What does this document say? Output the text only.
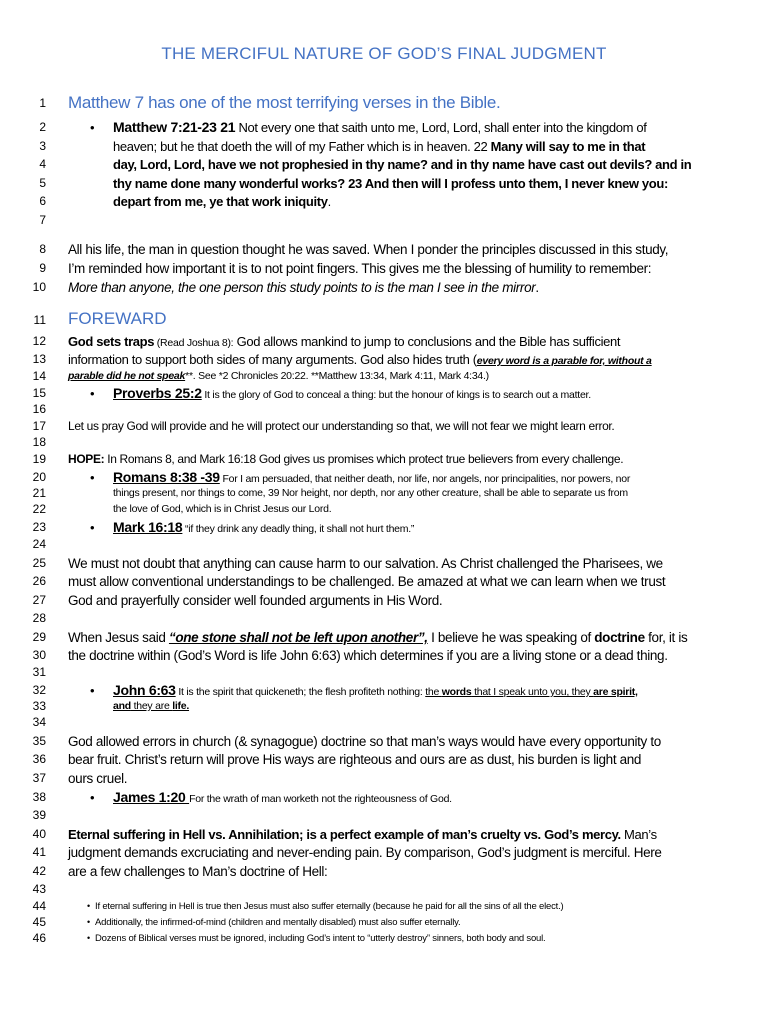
THE MERCIFUL NATURE OF GOD’S FINAL JUDGMENT
1
2
3
4
5
6
7
8
9
10
11
12
13
14
15
16
17
18
19
20
21
22
23
24
25
26
27
28
29
30
31
32
33
34
35
36
37
38
39
40
41
42
43
44
45
46
Matthew 7 has one of the most terrifying verses in the Bible.
• Matthew 7:21-23 21 Not every one that saith unto me, Lord, Lord, shall enter into the kingdom of
heaven; but he that doeth the will of my Father which is in heaven. 22 Many will say to me in that
day, Lord, Lord, have we not prophesied in thy name? and in thy name have cast out devils? and in
thy name done many wonderful works? 23 And then will I profess unto them, I never knew you:
depart from me, ye that work iniquity.
All his life, the man in question thought he was saved. When I ponder the principles discussed in this study,
I’m reminded how important it is to not point fingers. This gives me the blessing of humility to remember:
More than anyone, the one person this study points to is the man I see in the mirror.
FOREWARD
God sets traps (Read Joshua 8): God allows mankind to jump to conclusions and the Bible has sufficient
information to support both sides of many arguments. God also hides truth (every word is a parable for, without a
parable did he not speak**. See *2 Chronicles 20:22. **Matthew 13:34, Mark 4:11, Mark 4:34.)
• Proverbs 25:2 It is the glory of God to conceal a thing: but the honour of kings is to search out a matter.
Let us pray God will provide and he will protect our understanding so that, we will not fear we might learn error.
HOPE: In Romans 8, and Mark 16:18 God gives us promises which protect true believers from every challenge.
• Romans 8:38 -39 For I am persuaded, that neither death, nor life, nor angels, nor principalities, nor powers, nor
things present, nor things to come, 39 Nor height, nor depth, nor any other creature, shall be able to separate us from
the love of God, which is in Christ Jesus our Lord.
• Mark 16:18 “if they drink any deadly thing, it shall not hurt them.”
We must not doubt that anything can cause harm to our salvation. As Christ challenged the Pharisees, we
must allow conventional understandings to be challenged. Be amazed at what we can learn when we trust
God and prayerfully consider well founded arguments in His Word.
When Jesus said “one stone shall not be left upon another”, I believe he was speaking of doctrine for, it is
the doctrine within (God’s Word is life John 6:63) which determines if you are a living stone or a dead thing.
• John 6:63 It is the spirit that quickeneth; the flesh profiteth nothing: the words that I speak unto you, they are spirit,
and they are life.
God allowed errors in church (& synagogue) doctrine so that man’s ways would have every opportunity to
bear fruit. Christ’s return will prove His ways are righteous and ours are as dust, his burden is light and
ours cruel.
• James 1:20 For the wrath of man worketh not the righteousness of God.
Eternal suffering in Hell vs. Annihilation; is a perfect example of man’s cruelty vs. God’s mercy. Man’s
judgment demands excruciating and never-ending pain. By comparison, God’s judgment is merciful. Here
are a few challenges to Man’s doctrine of Hell:
• If eternal suffering in Hell is true then Jesus must also suffer eternally (because he paid for all the sins of all the elect.)
• Additionally, the infirmed-of-mind (children and mentally disabled) must also suffer eternally.
• Dozens of Biblical verses must be ignored, including God’s intent to “utterly destroy” sinners, both body and soul.
